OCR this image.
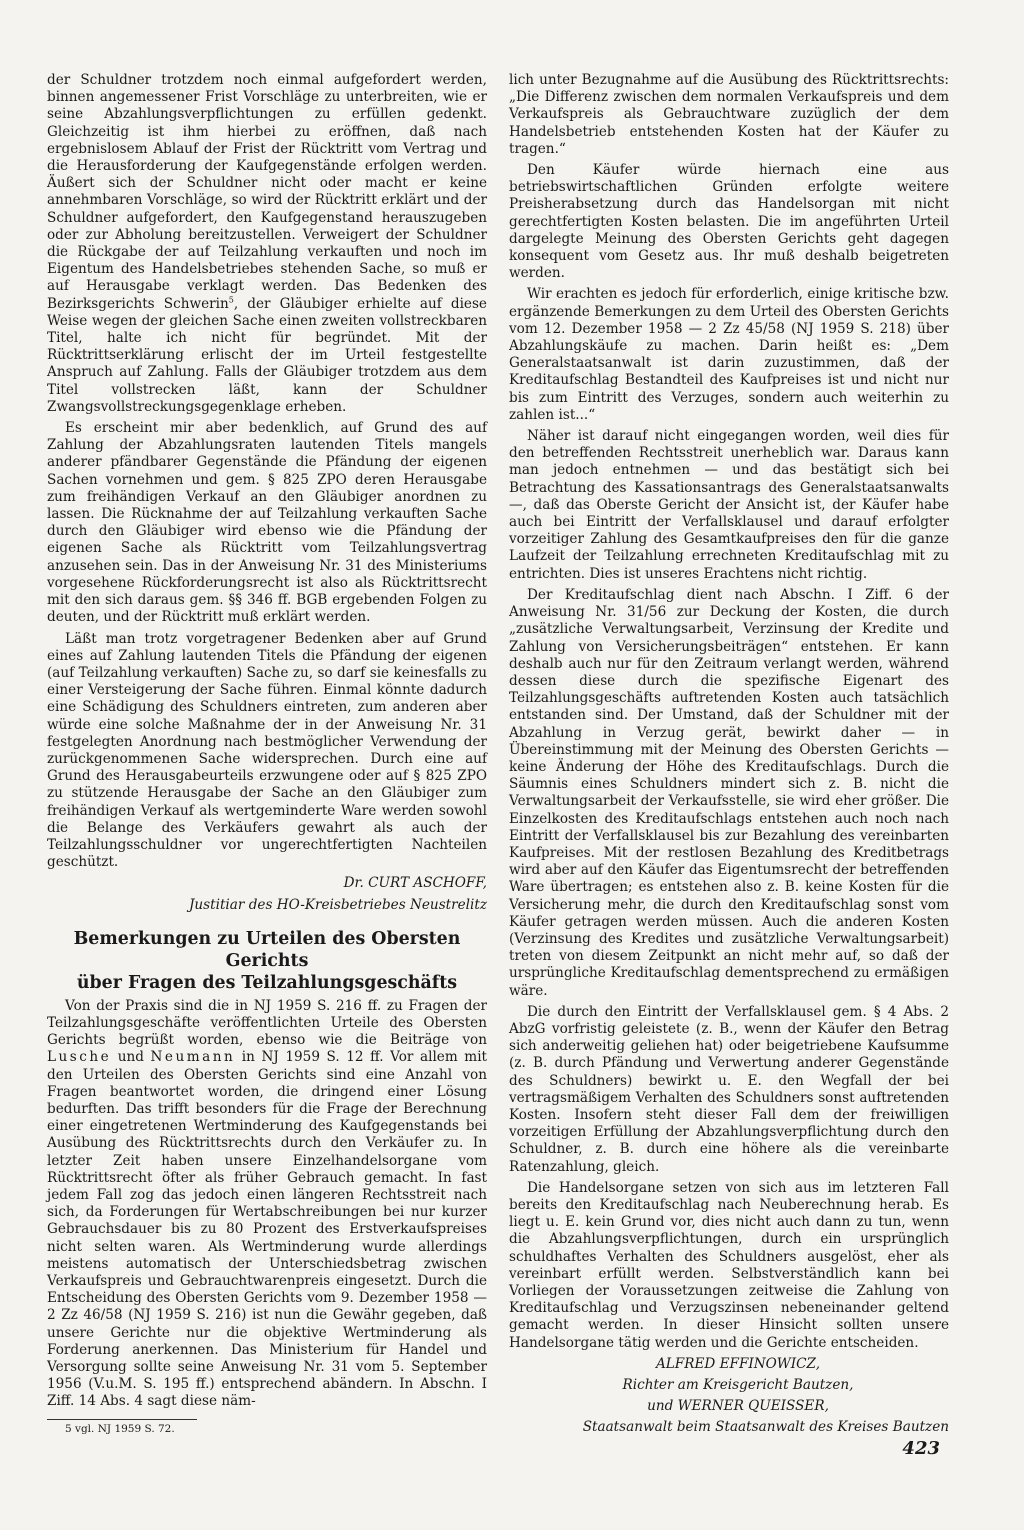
der Schuldner trotzdem noch einmal aufgefordert werden, binnen angemessener Frist Vorschläge zu unterbreiten, wie er seine Abzahlungsverpflichtungen zu erfüllen gedenkt. Gleichzeitig ist ihm hierbei zu eröffnen, daß nach ergebnislosem Ablauf der Frist der Rücktritt vom Vertrag und die Herausforderung der Kaufgegenstände erfolgen werden. Äußert sich der Schuldner nicht oder macht er keine annehmbaren Vorschläge, so wird der Rücktritt erklärt und der Schuldner aufgefordert, den Kaufgegenstand herauszugeben oder zur Abholung bereitzustellen. Verweigert der Schuldner die Rückgabe der auf Teilzahlung verkauften und noch im Eigentum des Handelsbetriebes stehenden Sache, so muß er auf Herausgabe verklagt werden. Das Bedenken des Bezirksgerichts Schwerin$^5$, der Gläubiger erhielte auf diese Weise wegen der gleichen Sache einen zweiten vollstreckbaren Titel, halte ich nicht für begründet. Mit der Rücktrittserklärung erlischt der im Urteil festgestellte Anspruch auf Zahlung. Falls der Gläubiger trotzdem aus dem Titel vollstrecken läßt, kann der Schuldner Zwangsvollstreckungsgegenklage erheben.

Es erscheint mir aber bedenklich, auf Grund des auf Zahlung der Abzahlungsraten lautenden Titels mangels anderer pfändbarer Gegenstände die Pfändung der eigenen Sachen vornehmen und gem. § 825 ZPO deren Herausgabe zum freihändigen Verkauf an den Gläubiger anordnen zu lassen. Die Rücknahme der auf Teilzahlung verkauften Sache durch den Gläubiger wird ebenso wie die Pfändung der eigenen Sache als Rücktritt vom Teilzahlungsvertrag anzusehen sein. Das in der Anweisung Nr. 31 des Ministeriums vorgesehene Rückforderungsrecht ist also als Rücktrittsrecht mit den sich daraus gem. §§ 346 ff. BGB ergebenden Folgen zu deuten, und der Rücktritt muß erklärt werden.

Läßt man trotz vorgetragener Bedenken aber auf Grund eines auf Zahlung lautenden Titels die Pfändung der eigenen (auf Teilzahlung verkauften) Sache zu, so darf sie keinesfalls zu einer Versteigerung der Sache führen. Einmal könnte dadurch eine Schädigung des Schuldners eintreten, zum anderen aber würde eine solche Maßnahme der in der Anweisung Nr. 31 festgelegten Anordnung nach bestmöglicher Verwendung der zurückgenommenen Sache widersprechen. Durch eine auf Grund des Herausgabeurteils erzwungene oder auf § 825 ZPO zu stützende Herausgabe der Sache an den Gläubiger zum freihändigen Verkauf als wertgeminderte Ware werden sowohl die Belange des Verkäufers gewahrt als auch der Teilzahlungsschuldner vor ungerechtfertigten Nachteilen geschützt.

Dr. CURT ASCHOFF,

Justitiar des HO-Kreisbetriebes Neustrelitz

Bemerkungen zu Urteilen des Obersten Gerichts
über Fragen des Teilzahlungsgeschäfts

Von der Praxis sind die in NJ 1959 S. 216 ff. zu Fragen der Teilzahlungsgeschäfte veröffentlichten Urteile des Obersten Gerichts begrüßt worden, ebenso wie die Beiträge von Lusche und Neumann in NJ 1959 S. 12 ff. Vor allem mit den Urteilen des Obersten Gerichts sind eine Anzahl von Fragen beantwortet worden, die dringend einer Lösung bedurften. Das trifft besonders für die Frage der Berechnung einer eingetretenen Wertminderung des Kaufgegenstands bei Ausübung des Rücktrittsrechts durch den Verkäufer zu. In letzter Zeit haben unsere Einzelhandelsorgane vom Rücktrittsrecht öfter als früher Gebrauch gemacht. In fast jedem Fall zog das jedoch einen längeren Rechtsstreit nach sich, da Forderungen für Wertabschreibungen bei nur kurzer Gebrauchsdauer bis zu 80 Prozent des Erstverkaufspreises nicht selten waren. Als Wertminderung wurde allerdings meistens automatisch der Unterschiedsbetrag zwischen Verkaufspreis und Gebrauchtwarenpreis eingesetzt. Durch die Entscheidung des Obersten Gerichts vom 9. Dezember 1958 — 2 Zz 46/58 (NJ 1959 S. 216) ist nun die Gewähr gegeben, daß unsere Gerichte nur die objektive Wertminderung als Forderung anerkennen. Das Ministerium für Handel und Versorgung sollte seine Anweisung Nr. 31 vom 5. September 1956 (V.u.M. S. 195 ff.) entsprechend abändern. In Abschn. I Ziff. 14 Abs. 4 sagt diese näm-

5 vgl. NJ 1959 S. 72.

lich unter Bezugnahme auf die Ausübung des Rücktrittsrechts: „Die Differenz zwischen dem normalen Verkaufspreis und dem Verkaufspreis als Gebrauchtware zuzüglich der dem Handelsbetrieb entstehenden Kosten hat der Käufer zu tragen.“

Den Käufer würde hiernach eine aus betriebswirtschaftlichen Gründen erfolgte weitere Preisherabsetzung durch das Handelsorgan mit nicht gerechtfertigten Kosten belasten. Die im angeführten Urteil dargelegte Meinung des Obersten Gerichts geht dagegen konsequent vom Gesetz aus. Ihr muß deshalb beigetreten werden.

Wir erachten es jedoch für erforderlich, einige kritische bzw. ergänzende Bemerkungen zu dem Urteil des Obersten Gerichts vom 12. Dezember 1958 — 2 Zz 45/58 (NJ 1959 S. 218) über Abzahlungskäufe zu machen. Darin heißt es: „Dem Generalstaatsanwalt ist darin zuzustimmen, daß der Kreditaufschlag Bestandteil des Kaufpreises ist und nicht nur bis zum Eintritt des Verzuges, sondern auch weiterhin zu zahlen ist...“

Näher ist darauf nicht eingegangen worden, weil dies für den betreffenden Rechtsstreit unerheblich war. Daraus kann man jedoch entnehmen — und das bestätigt sich bei Betrachtung des Kassationsantrags des Generalstaatsanwalts —, daß das Oberste Gericht der Ansicht ist, der Käufer habe auch bei Eintritt der Verfallsklausel und darauf erfolgter vorzeitiger Zahlung des Gesamtkaufpreises den für die ganze Laufzeit der Teilzahlung errechneten Kreditaufschlag mit zu entrichten. Dies ist unseres Erachtens nicht richtig.

Der Kreditaufschlag dient nach Abschn. I Ziff. 6 der Anweisung Nr. 31/56 zur Deckung der Kosten, die durch „zusätzliche Verwaltungsarbeit, Verzinsung der Kredite und Zahlung von Versicherungsbeiträgen“ entstehen. Er kann deshalb auch nur für den Zeitraum verlangt werden, während dessen diese durch die spezifische Eigenart des Teilzahlungsgeschäfts auftretenden Kosten auch tatsächlich entstanden sind. Der Umstand, daß der Schuldner mit der Abzahlung in Verzug gerät, bewirkt daher — in Übereinstimmung mit der Meinung des Obersten Gerichts — keine Änderung der Höhe des Kreditaufschlags. Durch die Säumnis eines Schuldners mindert sich z. B. nicht die Verwaltungsarbeit der Verkaufsstelle, sie wird eher größer. Die Einzelkosten des Kreditaufschlags entstehen auch noch nach Eintritt der Verfallsklausel bis zur Bezahlung des vereinbarten Kaufpreises. Mit der restlosen Bezahlung des Kreditbetrags wird aber auf den Käufer das Eigentumsrecht der betreffenden Ware übertragen; es entstehen also z. B. keine Kosten für die Versicherung mehr, die durch den Kreditaufschlag sonst vom Käufer getragen werden müssen. Auch die anderen Kosten (Verzinsung des Kredites und zusätzliche Verwaltungsarbeit) treten von diesem Zeitpunkt an nicht mehr auf, so daß der ursprüngliche Kreditaufschlag dementsprechend zu ermäßigen wäre.

Die durch den Eintritt der Verfallsklausel gem. § 4 Abs. 2 AbzG vorfristig geleistete (z. B., wenn der Käufer den Betrag sich anderweitig geliehen hat) oder beigetriebene Kaufsumme (z. B. durch Pfändung und Verwertung anderer Gegenstände des Schuldners) bewirkt u. E. den Wegfall der bei vertragsmäßigem Verhalten des Schuldners sonst auftretenden Kosten. Insofern steht dieser Fall dem der freiwilligen vorzeitigen Erfüllung der Abzahlungsverpflichtung durch den Schuldner, z. B. durch eine höhere als die vereinbarte Ratenzahlung, gleich.

Die Handelsorgane setzen von sich aus im letzteren Fall bereits den Kreditaufschlag nach Neuberechnung herab. Es liegt u. E. kein Grund vor, dies nicht auch dann zu tun, wenn die Abzahlungsverpflichtungen, durch ein ursprünglich schuldhaftes Verhalten des Schuldners ausgelöst, eher als vereinbart erfüllt werden. Selbstverständlich kann bei Vorliegen der Voraussetzungen zeitweise die Zahlung von Kreditaufschlag und Verzugszinsen nebeneinander geltend gemacht werden. In dieser Hinsicht sollten unsere Handelsorgane tätig werden und die Gerichte entscheiden.

ALFRED EFFINOWICZ,

Richter am Kreisgericht Bautzen,

und WERNER QUEISSER,

Staatsanwalt beim Staatsanwalt des Kreises Bautzen

423
